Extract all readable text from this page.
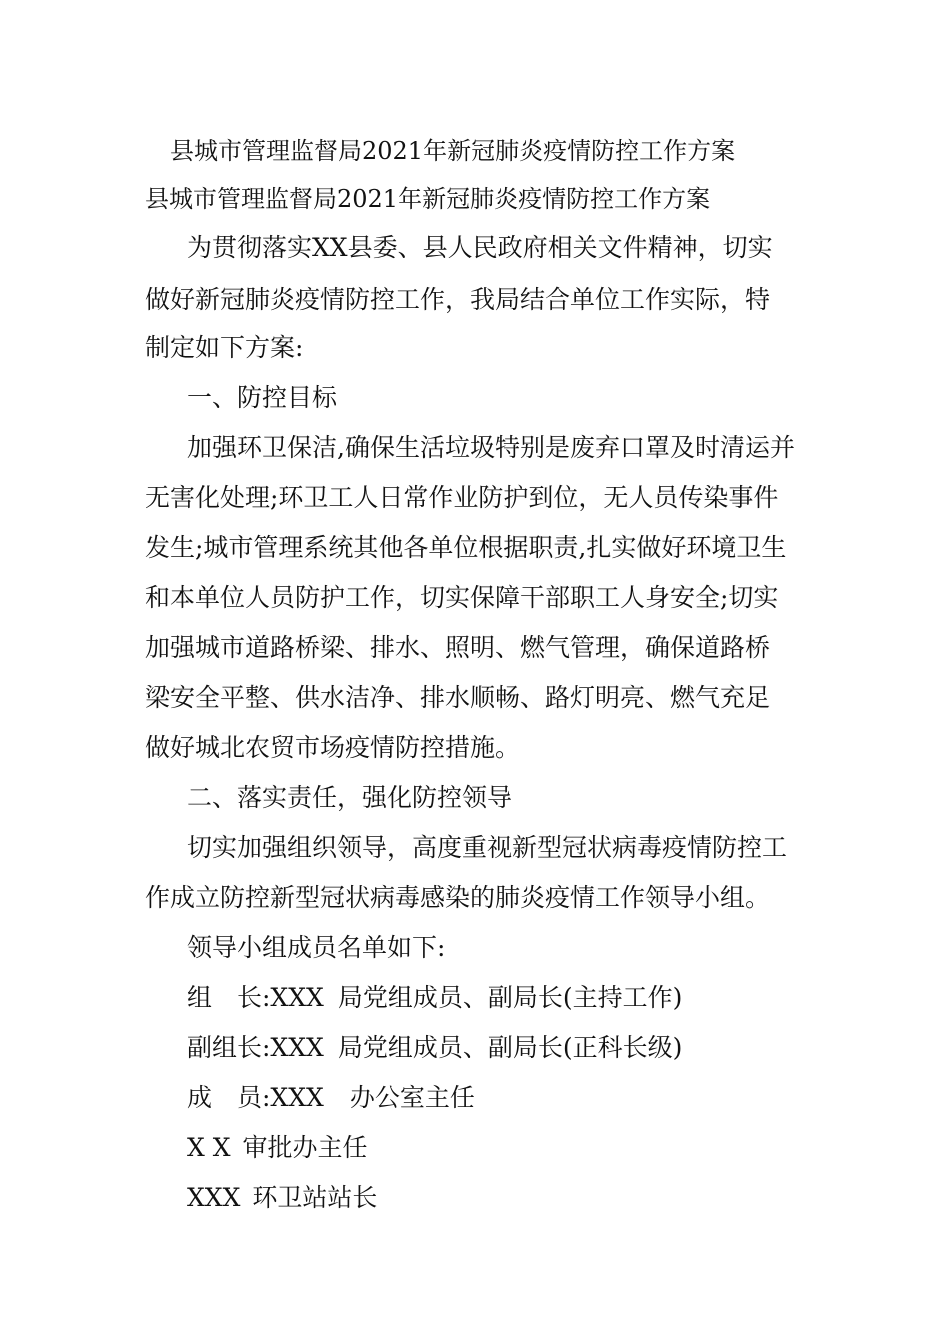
县城市管理监督局2021年新冠肺炎疫情防控工作方案
县城市管理监督局2021年新冠肺炎疫情防控工作方案
为贯彻落实XX县委、县人民政府相关文件精神，切实
做好新冠肺炎疫情防控工作，我局结合单位工作实际，特
制定如下方案:
一、防控目标
加强环卫保洁,确保生活垃圾特别是废弃口罩及时清运并
无害化处理;环卫工人日常作业防护到位，无人员传染事件
发生;城市管理系统其他各单位根据职责,扎实做好环境卫生
和本单位人员防护工作，切实保障干部职工人身安全;切实
加强城市道路桥梁、排水、照明、燃气管理，确保道路桥
梁安全平整、供水洁净、排水顺畅、路灯明亮、燃气充足
做好城北农贸市场疫情防控措施。
二、落实责任，强化防控领导
切实加强组织领导，高度重视新型冠状病毒疫情防控工
作成立防控新型冠状病毒感染的肺炎疫情工作领导小组。
领导小组成员名单如下:
组　长:XXX 局党组成员、副局长(主持工作)
副组长:XXX 局党组成员、副局长(正科长级)
成　员:XXX 办公室主任
X X 审批办主任
XXX 环卫站站长
